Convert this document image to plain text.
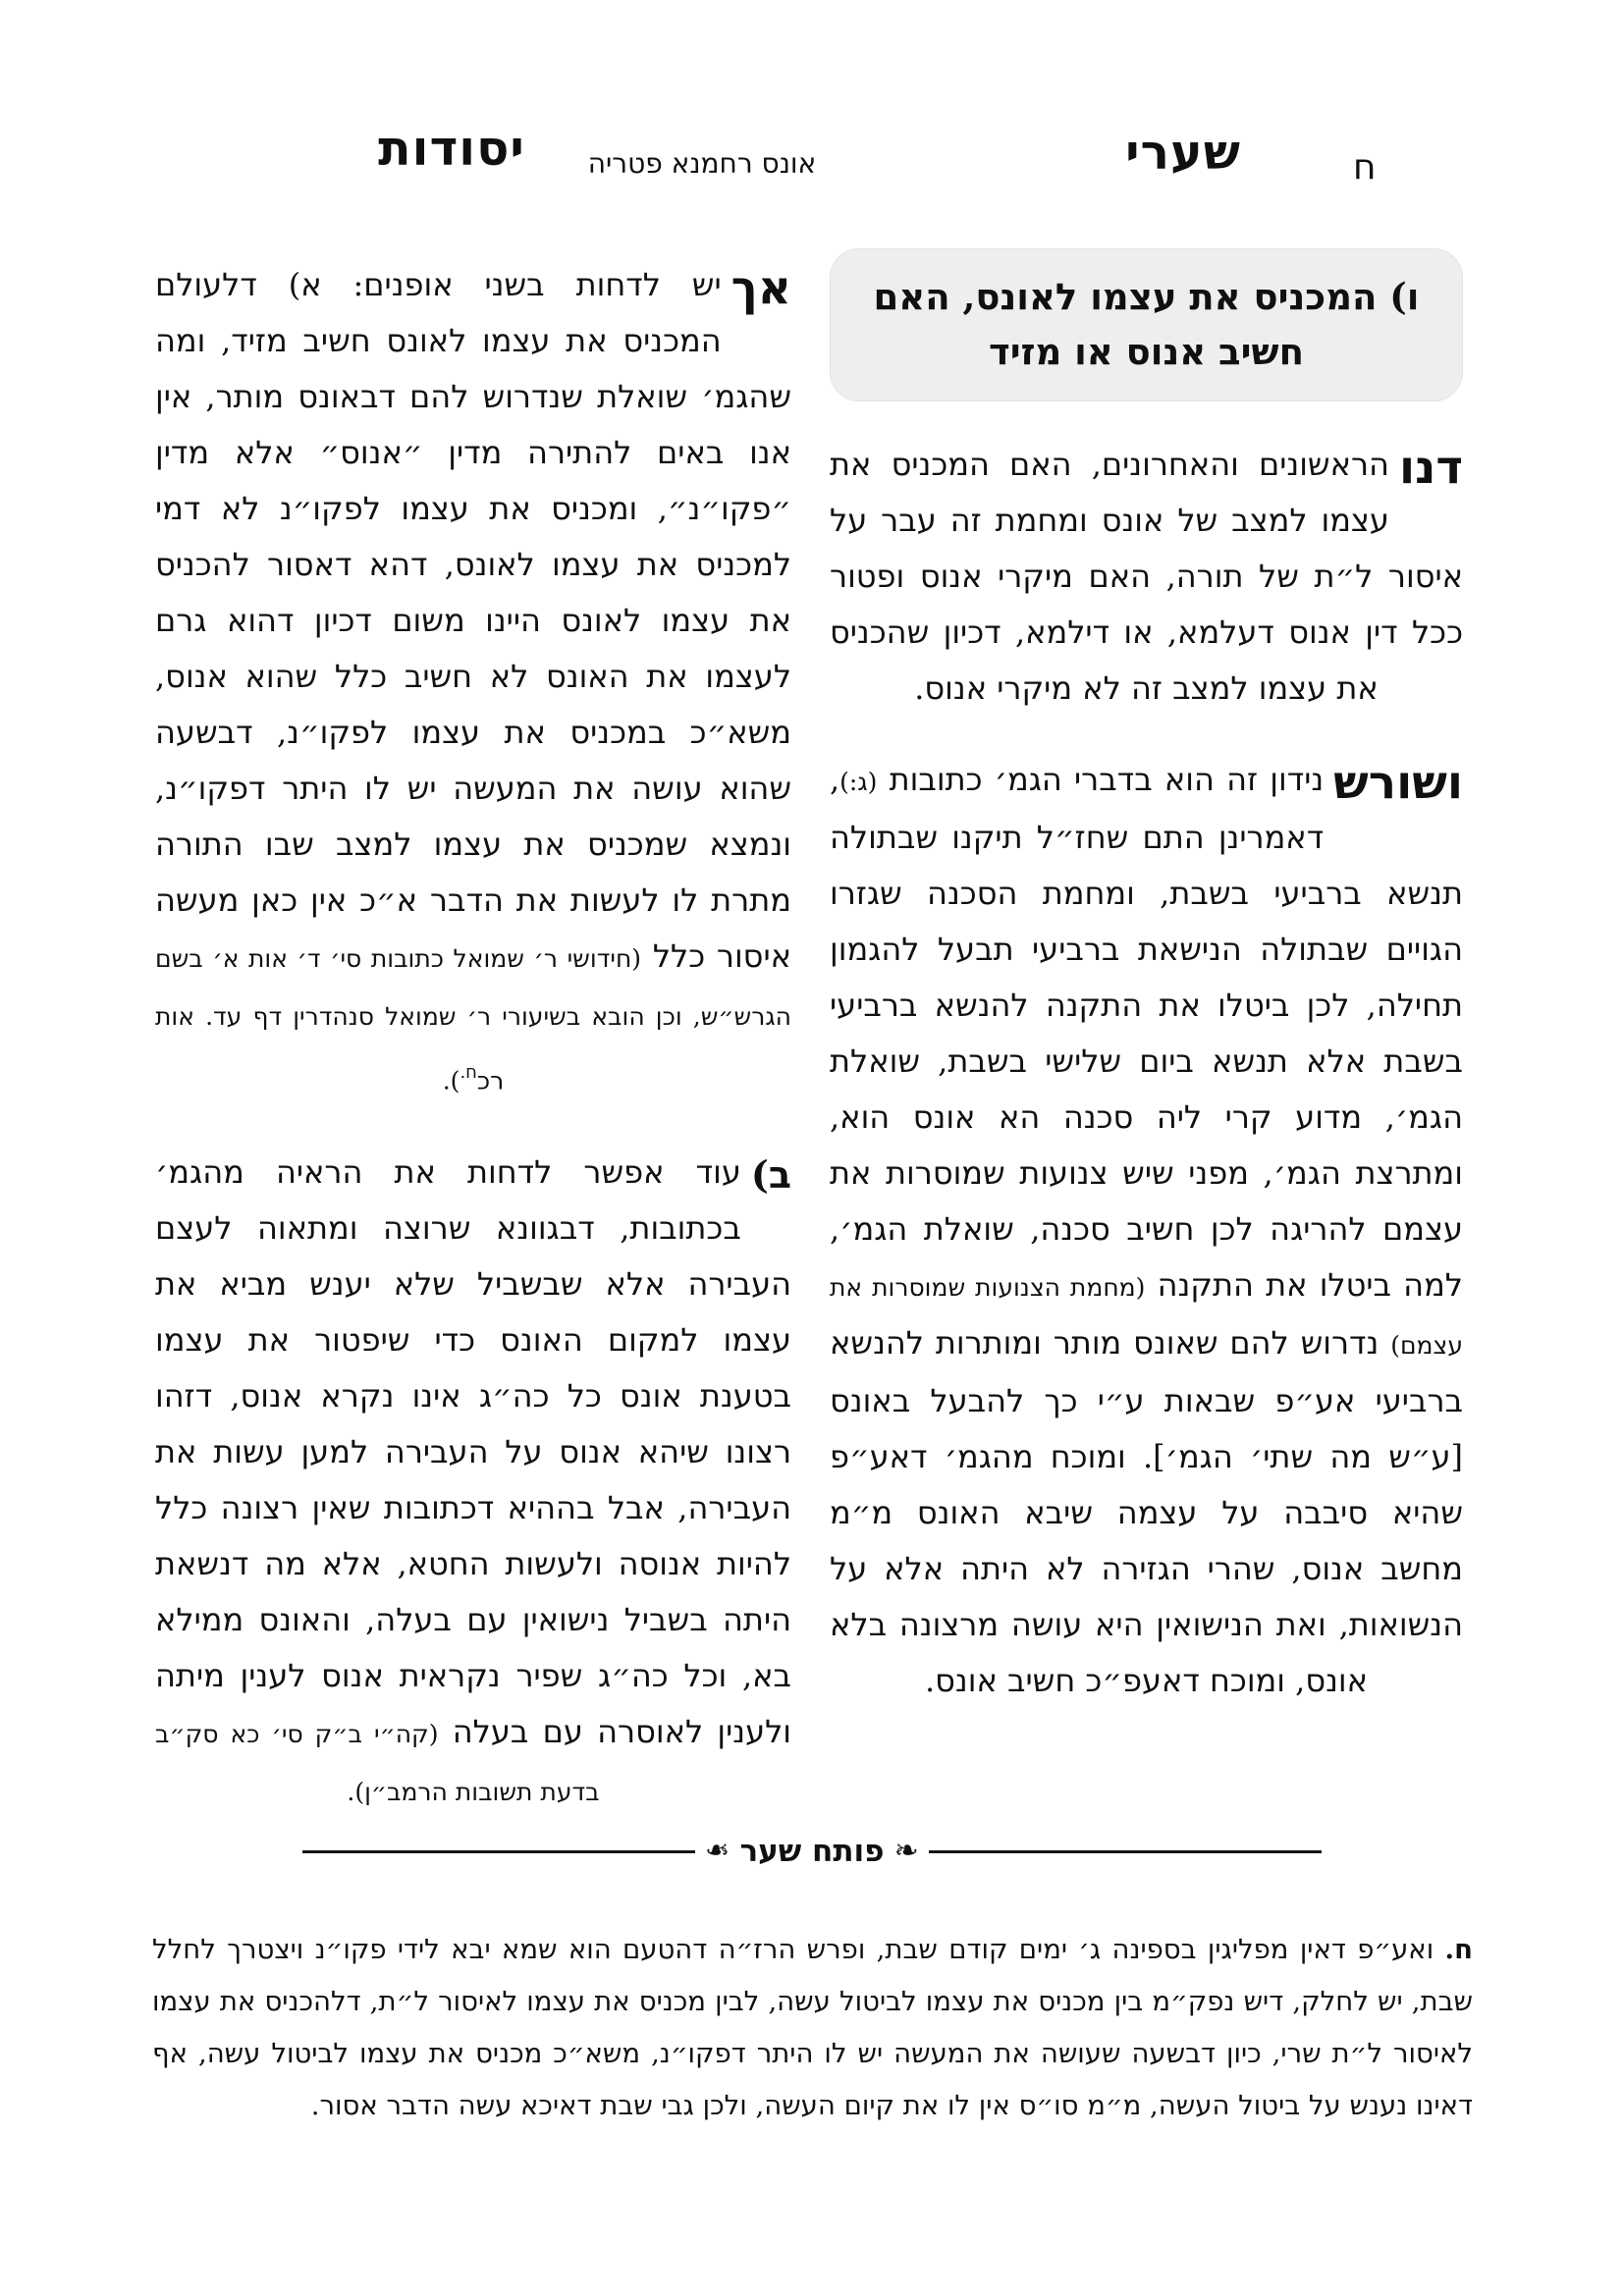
ח
שערי
אונס רחמנא פטריה
יסודות
ו) המכניס את עצמו לאונס, האם
חשיב אנוס או מזיד

דנו
הראשונים והאחרונים, האם המכניס את עצמו למצב של אונס ומחמת זה עבר על איסור ל״ת של תורה, האם מיקרי אנוס ופטור ככל דין אנוס דעלמא, או דילמא, דכיון שהכניס את עצמו למצב זה לא מיקרי אנוס.

ושורש
נידון זה הוא בדברי הגמ׳ כתובות (ג:), דאמרינן התם שחז״ל תיקנו שבתולה תנשא ברביעי בשבת, ומחמת הסכנה שגזרו הגויים שבתולה הנישאת ברביעי תבעל להגמון תחילה, לכן ביטלו את התקנה להנשא ברביעי בשבת אלא תנשא ביום שלישי בשבת, שואלת הגמ׳, מדוע קרי ליה סכנה הא אונס הוא, ומתרצת הגמ׳, מפני שיש צנועות שמוסרות את עצמם להריגה לכן חשיב סכנה, שואלת הגמ׳, למה ביטלו את התקנה (מחמת הצנועות שמוסרות את עצמם) נדרוש להם שאונס מותר ומותרות להנשא ברביעי אע״פ שבאות ע״י כך להבעל באונס [ע״ש מה שתי׳ הגמ׳]. ומוכח מהגמ׳ דאע״פ שהיא סיבבה על עצמה שיבא האונס מ״מ מחשב אנוס, שהרי הגזירה לא היתה אלא על הנשואות, ואת הנישואין היא עושה מרצונה בלא אונס, ומוכח דאעפ״כ חשיב אונס.

אך
יש לדחות בשני אופנים: א) דלעולם המכניס את עצמו לאונס חשיב מזיד, ומה שהגמ׳ שואלת שנדרוש להם דבאונס מותר, אין אנו באים להתירה מדין ״אנוס״ אלא מדין ״פקו״נ״, ומכניס את עצמו לפקו״נ לא דמי למכניס את עצמו לאונס, דהא דאסור להכניס את עצמו לאונס היינו משום דכיון דהוא גרם לעצמו את האונס לא חשיב כלל שהוא אנוס, משא״כ במכניס את עצמו לפקו״נ, דבשעה שהוא עושה את המעשה יש לו היתר דפקו״נ, ונמצא שמכניס את עצמו למצב שבו התורה מתרת לו לעשות את הדבר א״כ אין כאן מעשה איסור כלל (חידושי ר׳ שמואל כתובות סי׳ ד׳ אות א׳ בשם הגרש״ש, וכן הובא בשיעורי ר׳ שמואל סנהדרין דף עד. אות רכ$^{ח.}$).

ב)
עוד אפשר לדחות את הראיה מהגמ׳ בכתובות, דבגוונא שרוצה ומתאוה לעצם העבירה אלא שבשביל שלא יענש מביא את עצמו למקום האונס כדי שיפטור את עצמו בטענת אונס כל כה״ג אינו נקרא אנוס, דזהו רצונו שיהא אנוס על העבירה למען עשות את העבירה, אבל בההיא דכתובות שאין רצונה כלל להיות אנוסה ולעשות החטא, אלא מה דנשאת היתה בשביל נישואין עם בעלה, והאונס ממילא בא, וכל כה״ג שפיר נקראית אנוס לענין מיתה ולענין לאוסרה עם בעלה (קה״י ב״ק סי׳ כא סק״ב בדעת תשובות הרמב״ן).

❧
פותח שער
❧

ח. ואע״פ דאין מפליגין בספינה ג׳ ימים קודם שבת, ופרש הרז״ה דהטעם הוא שמא יבא לידי פקו״נ ויצטרך לחלל שבת, יש לחלק, דיש נפק״מ בין מכניס את עצמו לביטול עשה, לבין מכניס את עצמו לאיסור ל״ת, דלהכניס את עצמו לאיסור ל״ת שרי, כיון דבשעה שעושה את המעשה יש לו היתר דפקו״נ, משא״כ מכניס את עצמו לביטול עשה, אף דאינו נענש על ביטול העשה, מ״מ סו״ס אין לו את קיום העשה, ולכן גבי שבת דאיכא עשה הדבר אסור.
